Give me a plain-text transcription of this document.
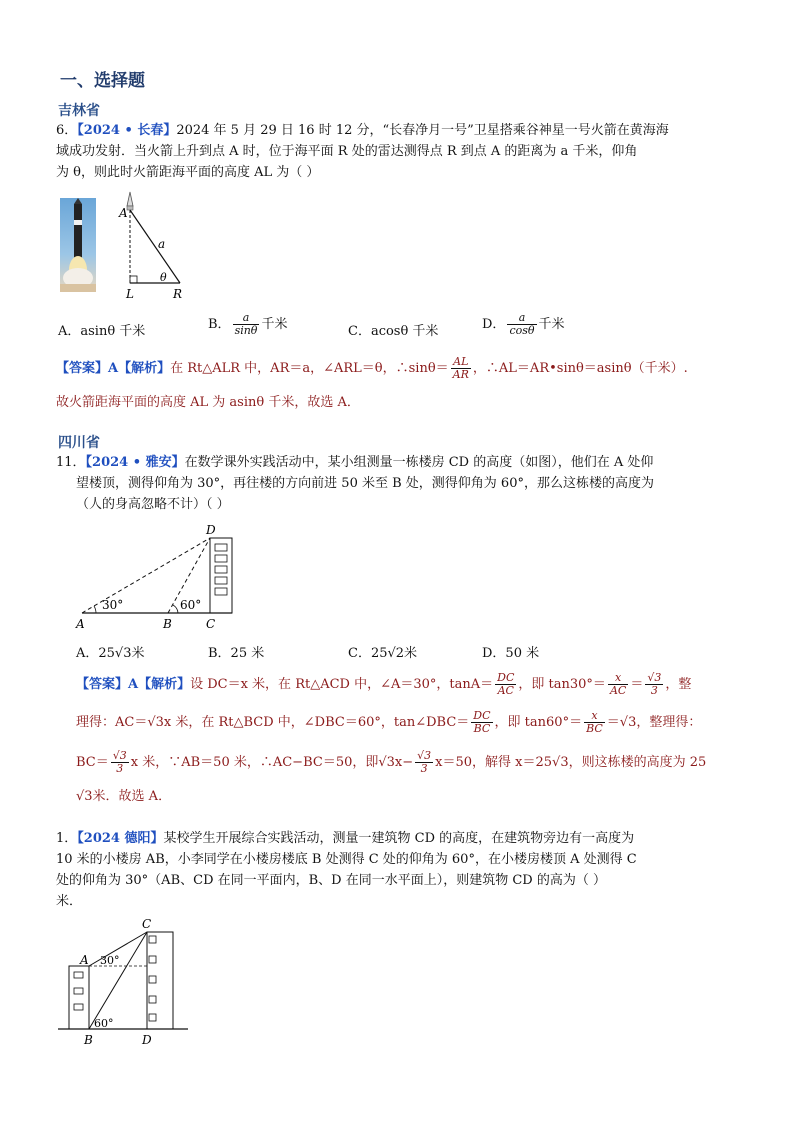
一、选择题
吉林省
6．【2024 • 长春】2024 年 5 月 29 日 16 时 12 分，“长春净月一号”卫星搭乘谷神星一号火箭在黄海海
域成功发射．当火箭上升到点 A 时，位于海平面 R 处的雷达测得点 R 到点 A 的距离为 a 千米，仰角
为 θ，则此时火箭距海平面的高度 AL 为（ ）
A
a
θ
L	R
A．asinθ 千米	B． $\frac{a}{\sin\theta}$ 千米	C．acosθ 千米	D． $\frac{a}{\cos\theta}$ 千米
【答案】A【解析】在 Rt△ALR 中，AR＝a，∠ARL＝θ，∴sinθ＝ $\frac{AL}{AR}$ ，∴AL＝AR•sinθ＝asinθ（千米）.
故火箭距海平面的高度 AL 为 asinθ 千米，故选 A．
四川省
11．【2024 • 雅安】在数学课外实践活动中，某小组测量一栋楼房 CD 的高度（如图），他们在 A 处仰
望楼顶，测得仰角为 30°，再往楼的方向前进 50 米至 B 处，测得仰角为 60°，那么这栋楼的高度为
（人的身高忽略不计）（ ）
D
30°	60°
A	B	C
A．25√3米	B．25 米	C．25√2米	D．50 米
【答案】A【解析】设 DC＝x 米，在 Rt△ACD 中，∠A＝30°，$\tan A= \frac{DC}{AC}$ ，即 $\tan 30^\circ= \frac{x}{AC} = \frac{√3}{3}$ ，整
理得：AC＝√3x 米，在 Rt△BCD 中，∠DBC＝60°，tan∠DBC＝ $\frac{DC}{BC}$ ，即 $\tan 60^\circ= \frac{x}{BC} =√3$，整理得：
$BC= \frac{√3}{3}$ x 米，∵AB＝50 米，∴AC−BC＝50，即$√3x- \frac{√3}{3} x=50$，解得 x＝25√3，则这栋楼的高度为 25
√3米．故选 A．
1．【2024 德阳】某校学生开展综合实践活动，测量一建筑物 CD 的高度，在建筑物旁边有一高度为
10 米的小楼房 AB，小李同学在小楼房楼底 B 处测得 C 处的仰角为 60°，在小楼房楼顶 A 处测得 C
处的仰角为 30°（AB、CD 在同一平面内，B、D 在同一水平面上），则建筑物 CD 的高为（ ）
米．
C
A 30°
60°
B	D
